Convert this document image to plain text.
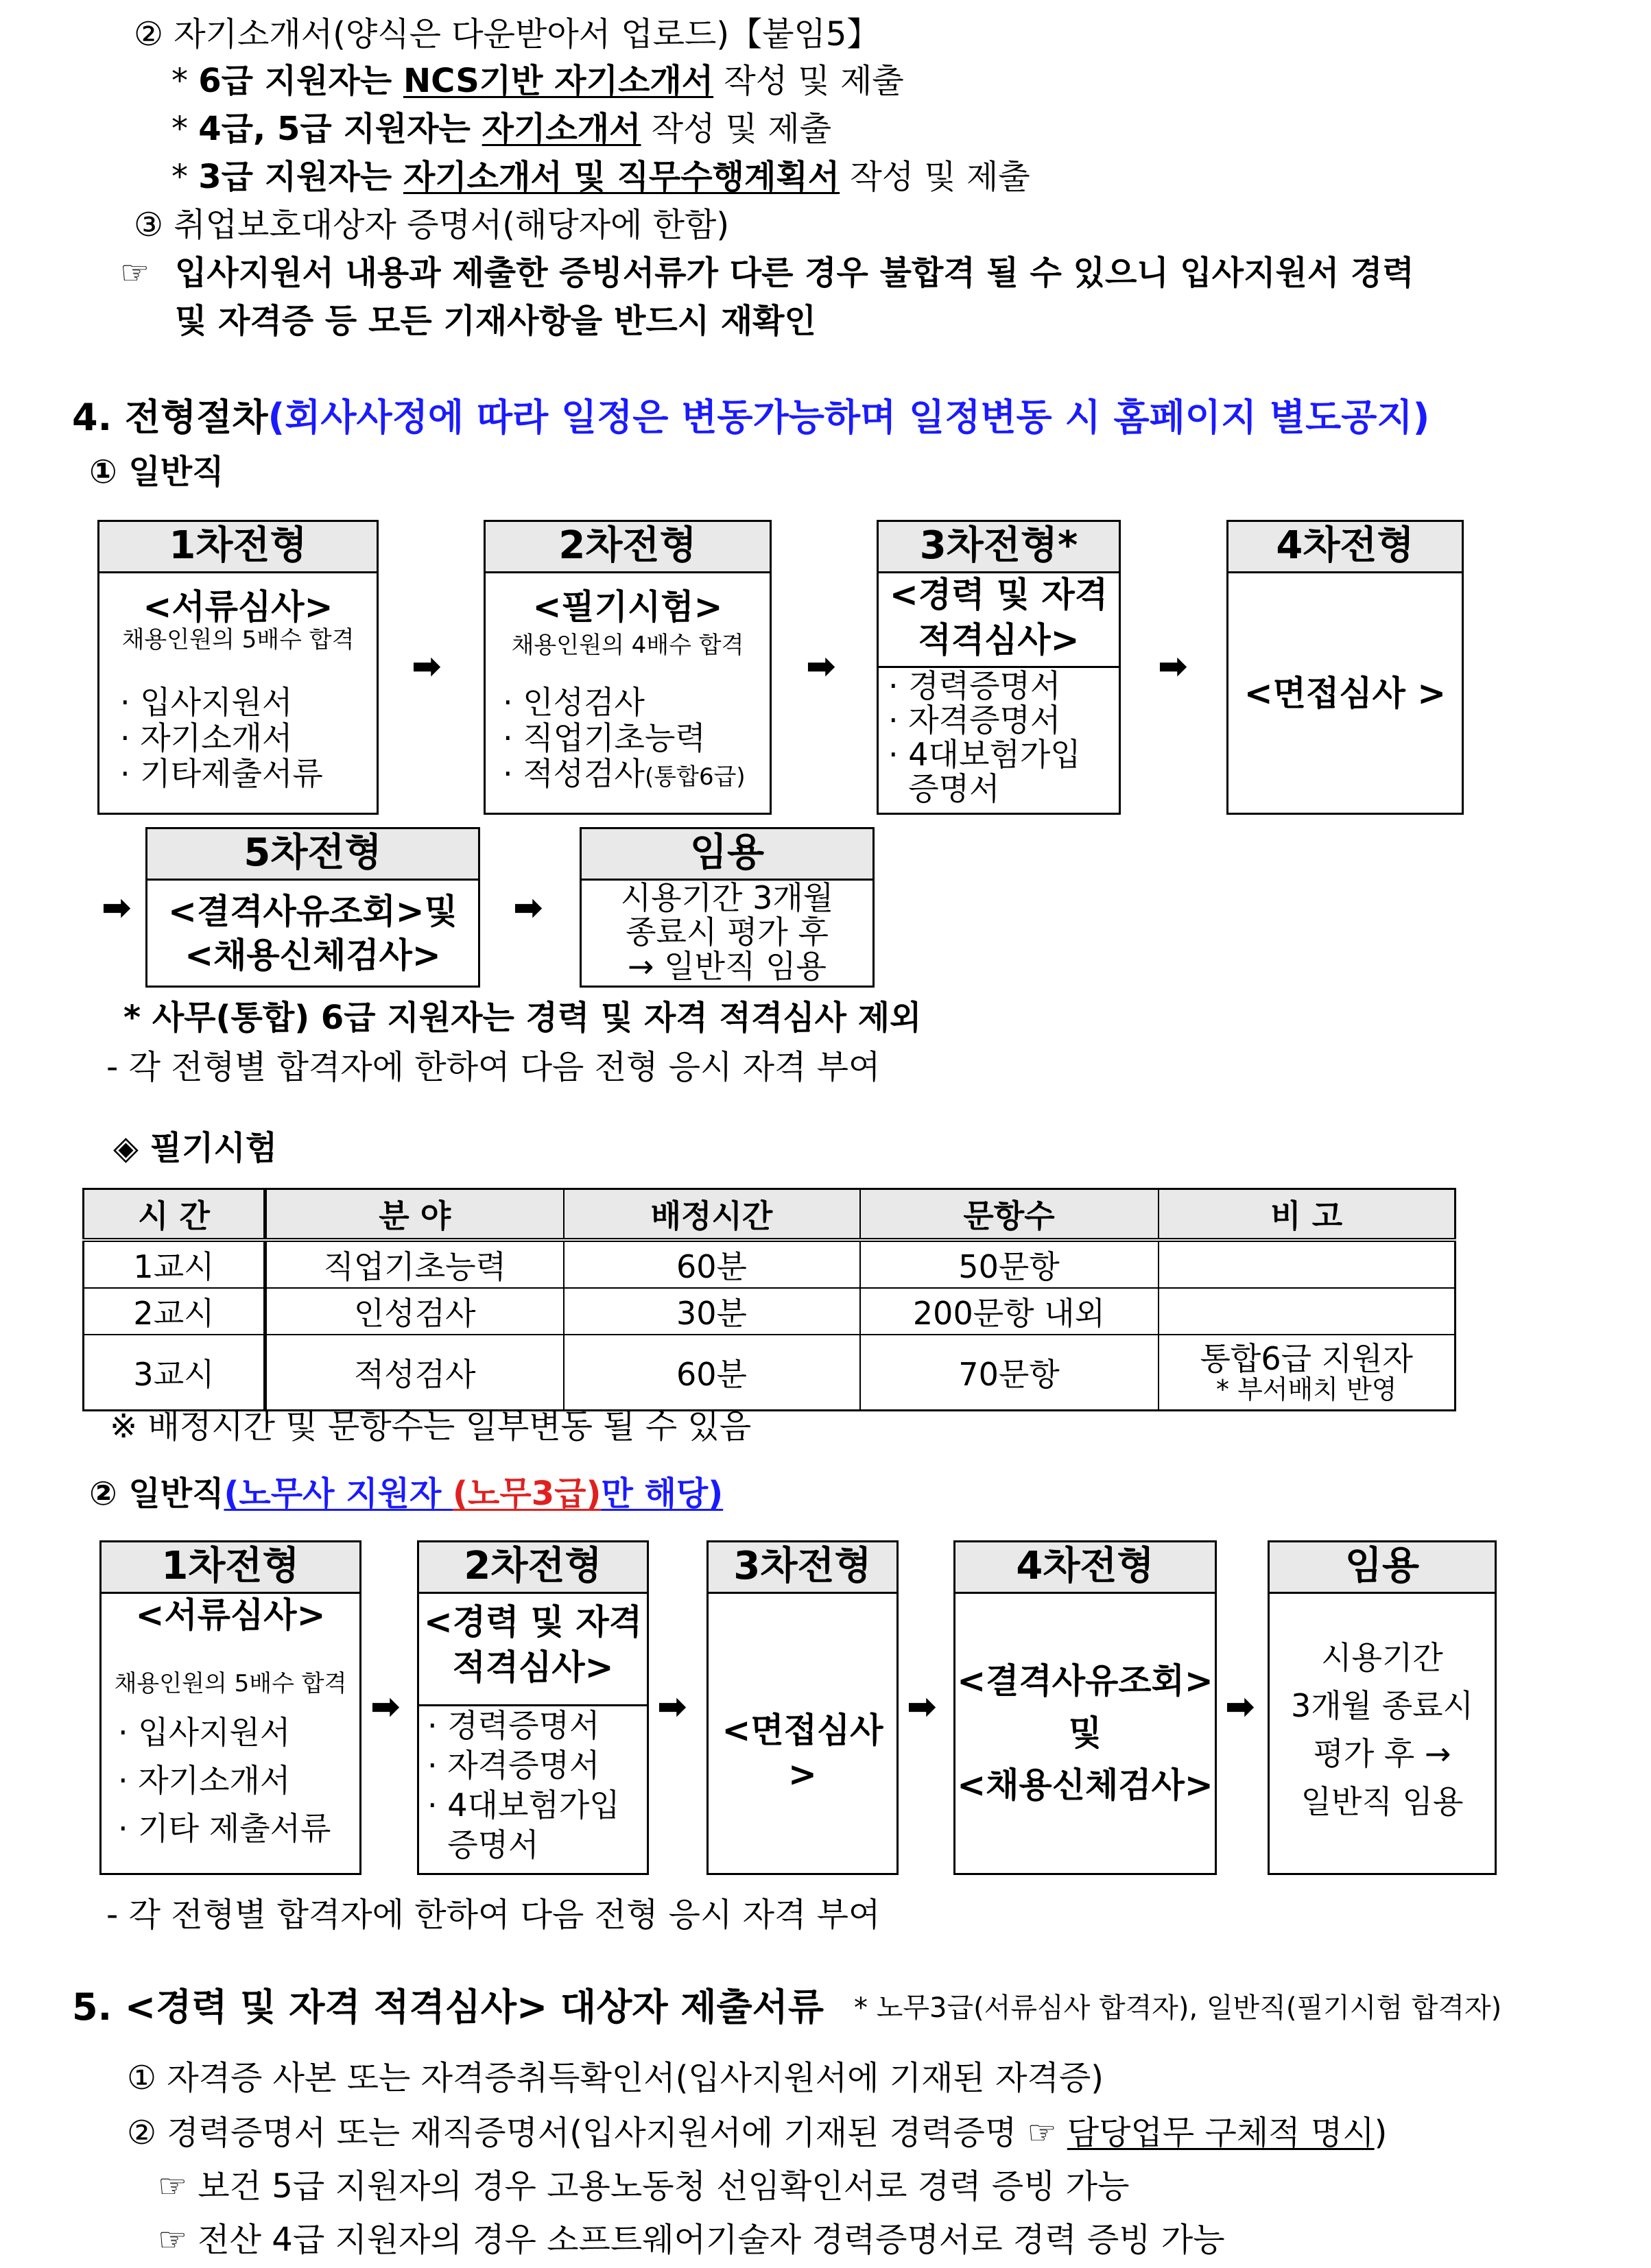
② 자기소개서(양식은 다운받아서 업로드)【붙임5】
* 6급 지원자는 NCS기반 자기소개서 작성 및 제출
* 4급, 5급 지원자는 자기소개서 작성 및 제출
* 3급 지원자는 자기소개서 및 직무수행계획서 작성 및 제출
③ 취업보호대상자 증명서(해당자에 한함)
☞ 입사지원서 내용과 제출한 증빙서류가 다른 경우 불합격 될 수 있으니 입사지원서 경력
및 자격증 등 모든 기재사항을 반드시 재확인
4. 전형절차(회사사정에 따라 일정은 변동가능하며 일정변동 시 홈페이지 별도공지)
① 일반직
1차전형
<서류심사>
채용인원의 5배수 합격
· 입사지원서
· 자기소개서
· 기타제출서류
➡
2차전형
<필기시험>
채용인원의 4배수 합격
· 인성검사
· 직업기초능력
· 적성검사(통합6급)
➡
3차전형*
<경력 및 자격
적격심사>
· 경력증명서
· 자격증명서
· 4대보험가입
증명서
➡
4차전형
<면접심사 >
➡
5차전형
<결격사유조회>및
<채용신체검사>
➡
임용
시용기간 3개월
종료시 평가 후
→ 일반직 임용
* 사무(통합) 6급 지원자는 경력 및 자격 적격심사 제외
- 각 전형별 합격자에 한하여 다음 전형 응시 자격 부여
◈ 필기시험
시 간	분 야	배정시간	문항수	비 고
1교시	직업기초능력	60분	50문항	
2교시	인성검사	30분	200문항 내외	
3교시	적성검사	60분	70문항	통합6급 지원자
* 부서배치 반영
※ 배정시간 및 문항수는 일부변동 될 수 있음
② 일반직(노무사 지원자 (노무3급)만 해당)
1차전형
<서류심사>
채용인원의 5배수 합격
· 입사지원서
· 자기소개서
· 기타 제출서류
➡
2차전형
<경력 및 자격
적격심사>
· 경력증명서
· 자격증명서
· 4대보험가입
증명서
➡
3차전형
<면접심사>
➡
4차전형
<결격사유조회>
및
<채용신체검사>
➡
임용
시용기간
3개월 종료시
평가 후 →
일반직 임용
- 각 전형별 합격자에 한하여 다음 전형 응시 자격 부여
5. <경력 및 자격 적격심사> 대상자 제출서류 * 노무3급(서류심사 합격자), 일반직(필기시험 합격자)
① 자격증 사본 또는 자격증취득확인서(입사지원서에 기재된 자격증)
② 경력증명서 또는 재직증명서(입사지원서에 기재된 경력증명 ☞ 담당업무 구체적 명시)
☞ 보건 5급 지원자의 경우 고용노동청 선임확인서로 경력 증빙 가능
☞ 전산 4급 지원자의 경우 소프트웨어기술자 경력증명서로 경력 증빙 가능
